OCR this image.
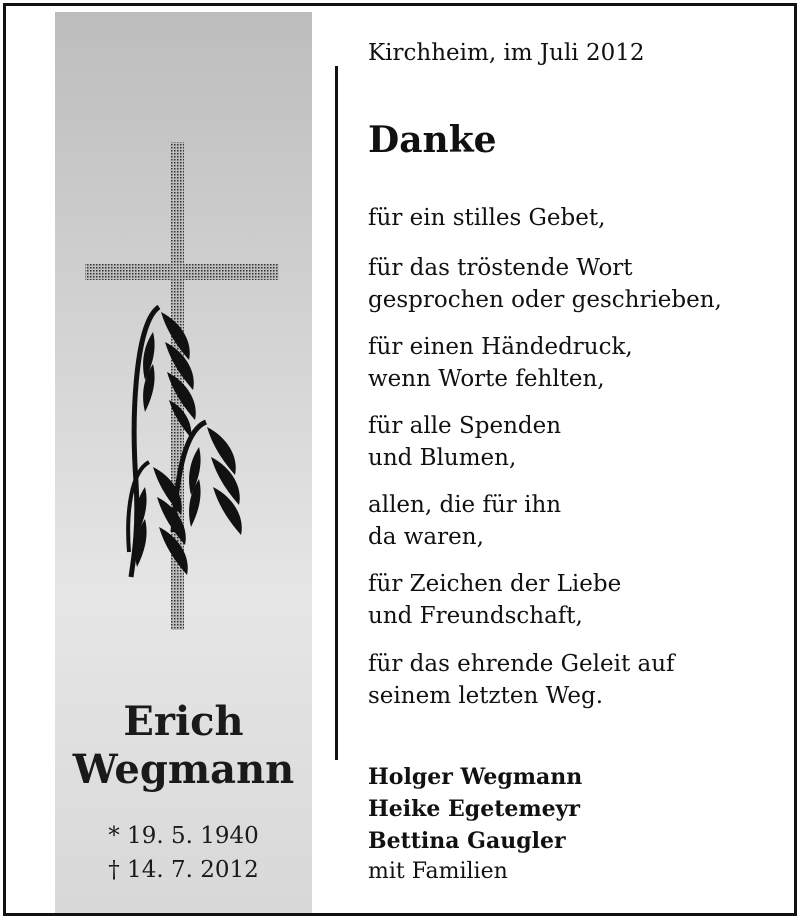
Erich
Wegmann
* 19. 5. 1940
† 14. 7. 2012
Kirchheim, im Juli 2012
Danke
für ein stilles Gebet,
für das tröstende Wort
gesprochen oder geschrieben,
für einen Händedruck,
wenn Worte fehlten,
für alle Spenden
und Blumen,
allen, die für ihn
da waren,
für Zeichen der Liebe
und Freundschaft,
für das ehrende Geleit auf
seinem letzten Weg.
Holger Wegmann
Heike Egetemeyr
Bettina Gaugler
mit Familien
